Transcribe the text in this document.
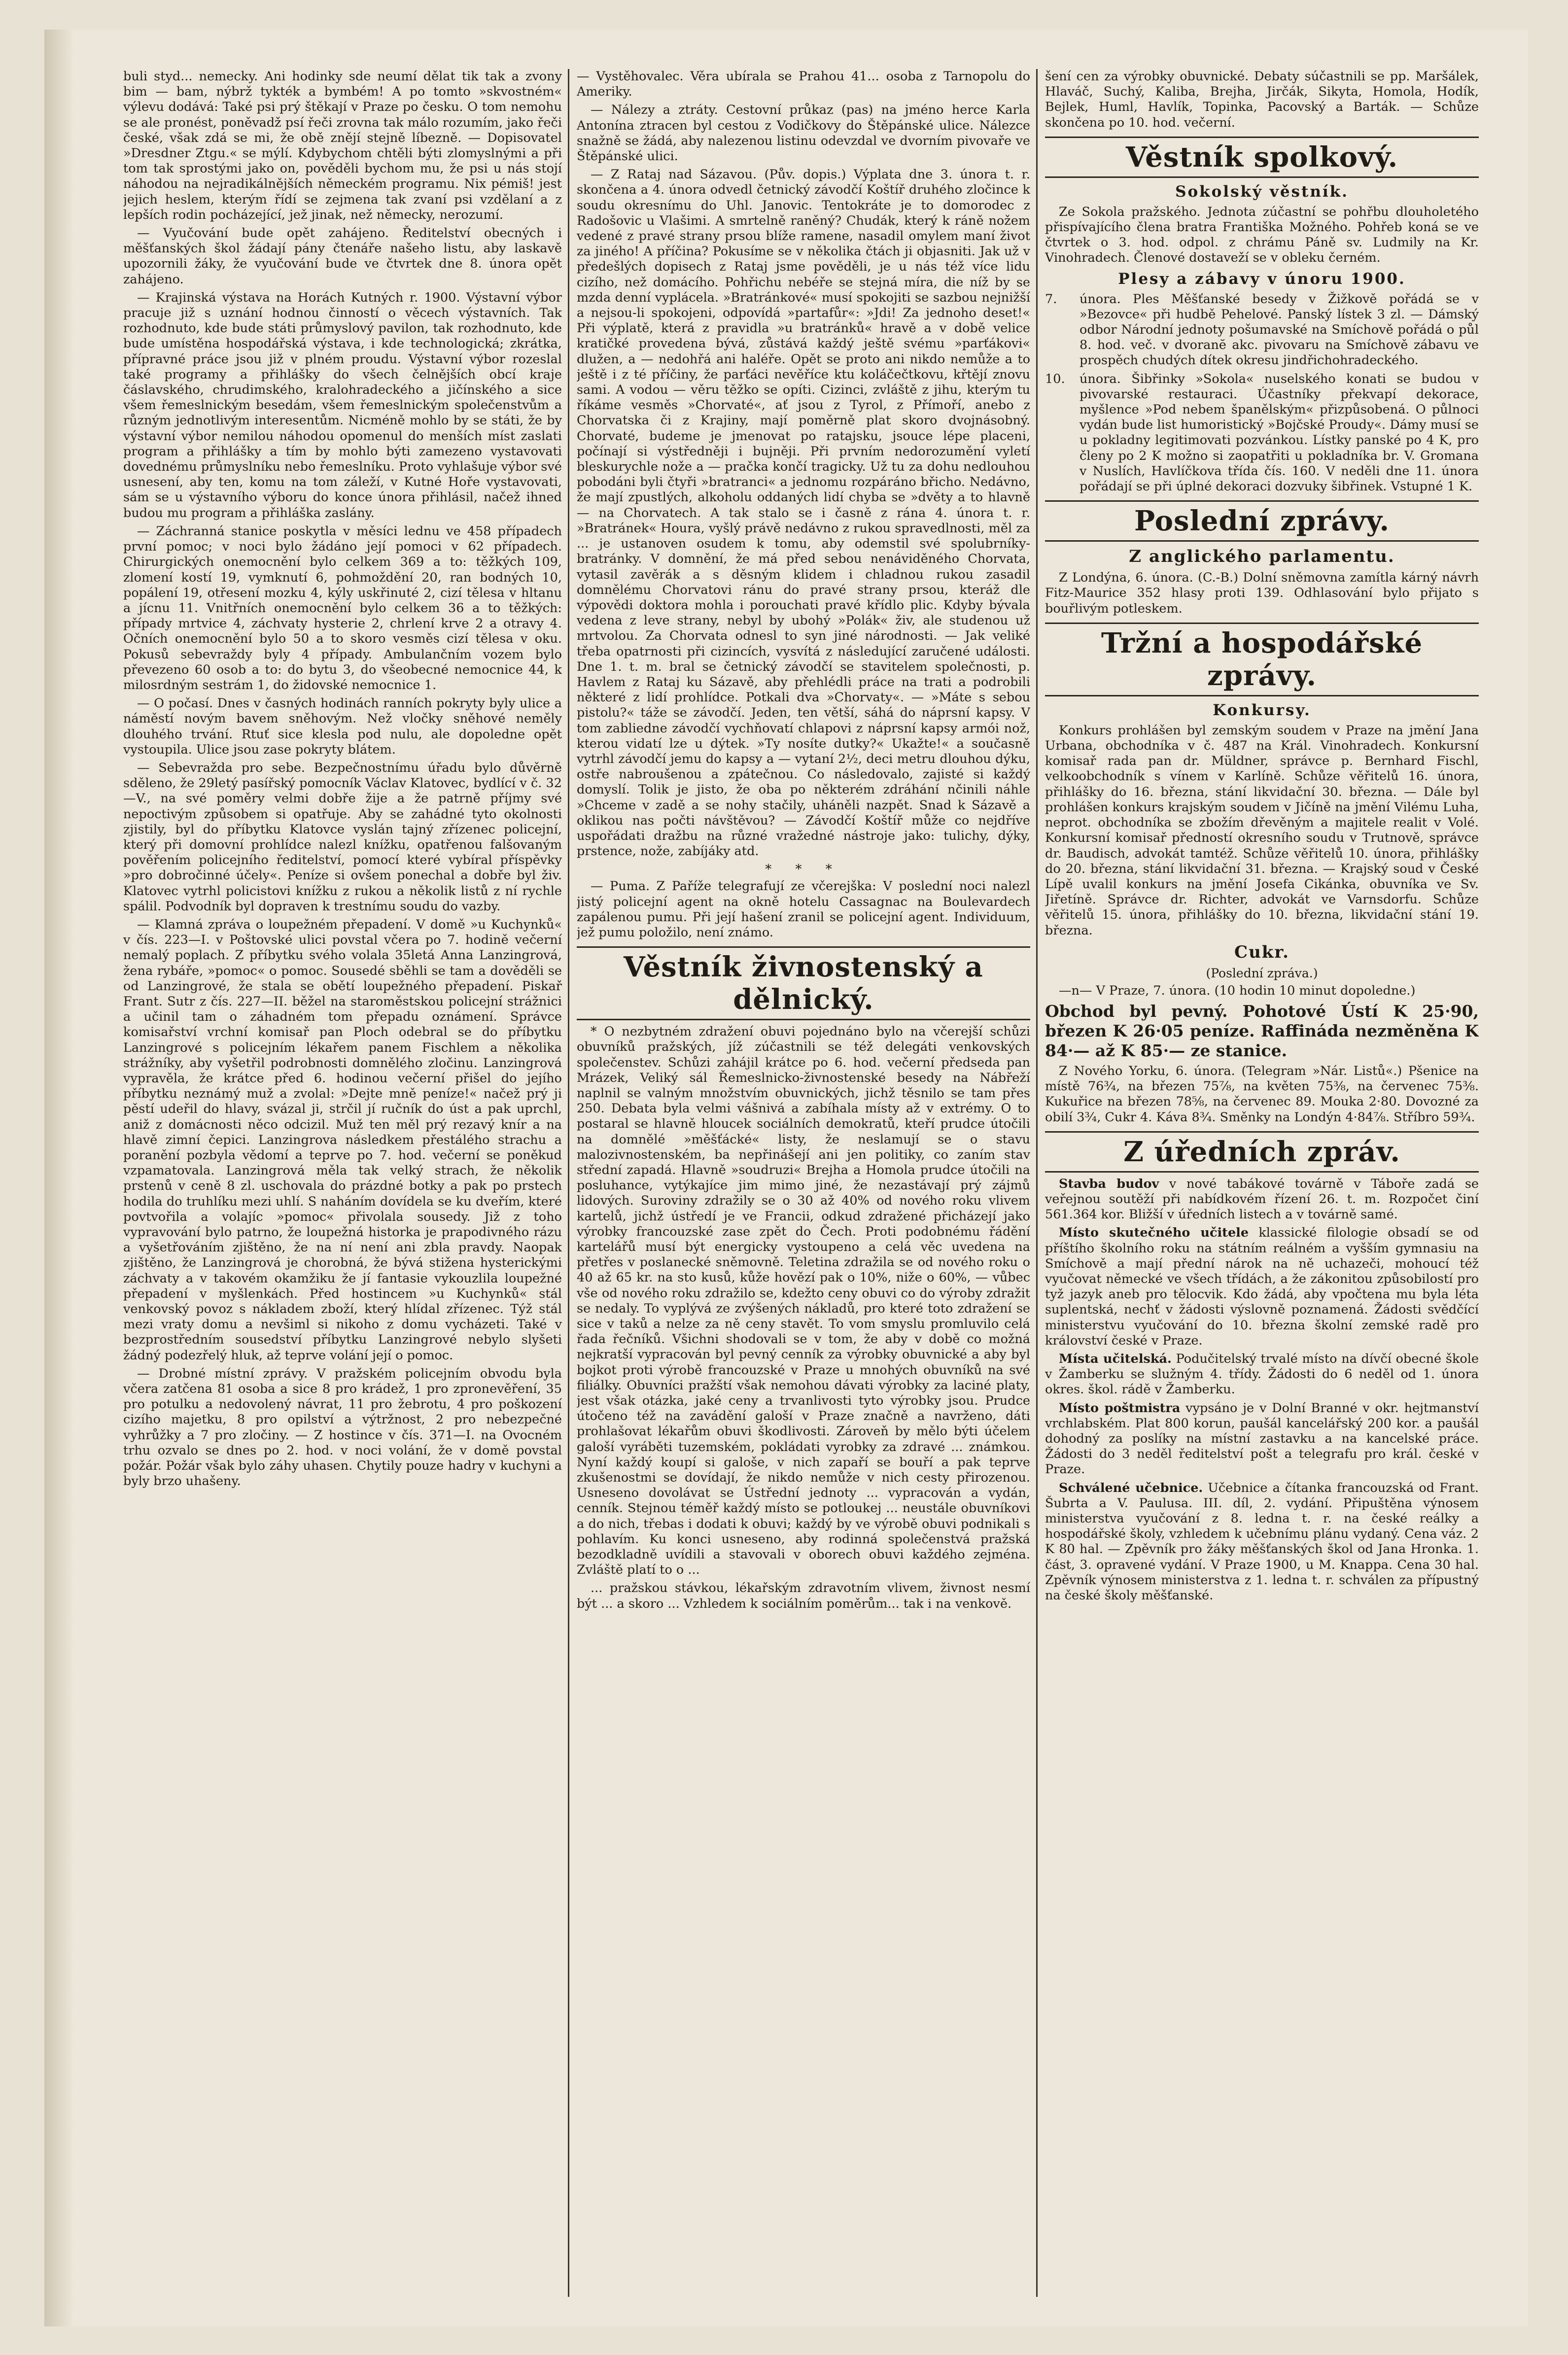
buli styd... nemecky. Ani hodinky sde neumí dělat tik tak a zvony bim — bam, nýbrž tykték a bymbém! A po tomto »skvostném« výlevu dodává: Také psi prý štěkají v Praze po česku. O tom nemohu se ale pronést, poněvadž psí řeči zrovna tak málo rozumím, jako řeči české, však zdá se mi, že obě znějí stejně líbezně. — Dopisovatel »Dresdner Ztgu.« se mýlí. Kdybychom chtěli býti zlomyslnými a při tom tak sprostými jako on, pověděli bychom mu, že psi u nás stojí náhodou na nejradikálnějších německém programu. Nix pémiš! jest jejich heslem, kterým řídí se zejmena tak zvaní psi vzdělaní a z lepších rodin pocházející, jež jinak, než německy, nerozumí.

— Vyučování bude opět zahájeno. Ředitelství obecných i měšťanských škol žádají pány čtenáře našeho listu, aby laskavě upozornili žáky, že vyučování bude ve čtvrtek dne 8. února opět zahájeno.

— Krajinská výstava na Horách Kutných r. 1900. Výstavní výbor pracuje již s uznání hodnou činností o věcech výstavních. Tak rozhodnuto, kde bude státi průmyslový pavilon, tak rozhodnuto, kde bude umístěna hospodářská výstava, i kde technologická; zkrátka, přípravné práce jsou již v plném proudu. Výstavní výbor rozeslal také programy a přihlášky do všech čelnějších obcí kraje čáslavského, chrudimského, kralohradeckého a jičínského a sice všem řemeslnickým besedám, všem řemeslnickým společenstvům a různým jednotlivým interesentům. Nicméně mohlo by se státi, že by výstavní výbor nemilou náhodou opomenul do menších míst zaslati program a přihlášky a tím by mohlo býti zamezeno vystavovati dovednému průmyslníku nebo řemeslníku. Proto vyhlašuje výbor své usnesení, aby ten, komu na tom záleží, v Kutné Hoře vystavovati, sám se u výstavního výboru do konce února přihlásil, načež ihned budou mu program a přihláška zaslány.

— Záchranná stanice poskytla v měsíci lednu ve 458 případech první pomoc; v noci bylo žádáno její pomoci v 62 případech. Chirurgických onemocnění bylo celkem 369 a to: těžkých 109, zlomení kostí 19, vymknutí 6, pohmoždění 20, ran bodných 10, popálení 19, otřesení mozku 4, kýly uskřinuté 2, cizí tělesa v hltanu a jícnu 11. Vnitřních onemocnění bylo celkem 36 a to těžkých: případy mrtvice 4, záchvaty hysterie 2, chrlení krve 2 a otravy 4. Očních onemocnění bylo 50 a to skoro vesměs cizí tělesa v oku. Pokusů sebevraždy byly 4 případy. Ambulančním vozem bylo převezeno 60 osob a to: do bytu 3, do všeobecné nemocnice 44, k milosrdným sestrám 1, do židovské nemocnice 1.

— O počasí. Dnes v časných hodinách ranních pokryty byly ulice a náměstí novým bavem sněhovým. Než vločky sněhové neměly dlouhého trvání. Rtuť sice klesla pod nulu, ale dopoledne opět vystoupila. Ulice jsou zase pokryty blátem.

— Sebevražda pro sebe. Bezpečnostnímu úřadu bylo důvěrně sděleno, že 29letý pasířský pomocník Václav Klatovec, bydlící v č. 32—V., na své poměry velmi dobře žije a že patrně příjmy své nepoctivým způsobem si opatřuje. Aby se zahádné tyto okolnosti zjistily, byl do příbytku Klatovce vyslán tajný zřízenec policejní, který při domovní prohlídce nalezl knížku, opatřenou falšovaným pověřením policejního ředitelství, pomocí které vybíral příspěvky »pro dobročinné účely«. Peníze si ovšem ponechal a dobře byl živ. Klatovec vytrhl policistovi knížku z rukou a několik listů z ní rychle spálil. Podvodník byl dopraven k trestnímu soudu do vazby.

— Klamná zpráva o loupežném přepadení. V domě »u Kuchynků« v čís. 223—I. v Poštovské ulici povstal včera po 7. hodině večerní nemalý poplach. Z příbytku svého volala 35letá Anna Lanzingrová, žena rybáře, »pomoc« o pomoc. Sousedé sběhli se tam a dověděli se od Lanzingrové, že stala se obětí loupežného přepadení. Piskař Frant. Sutr z čís. 227—II. běžel na staroměstskou policejní strážnici a učinil tam o záhadném tom přepadu oznámení. Správce komisařství vrchní komisař pan Ploch odebral se do příbytku Lanzingrové s policejním lékařem panem Fischlem a několika strážníky, aby vyšetřil podrobnosti domnělého zločinu. Lanzingrová vypravěla, že krátce před 6. hodinou večerní přišel do jejího příbytku neznámý muž a zvolal: »Dejte mně peníze!« načež prý ji pěstí udeřil do hlavy, svázal ji, strčil jí ručník do úst a pak uprchl, aniž z domácnosti něco odcizil. Muž ten měl prý rezavý knír a na hlavě zimní čepici. Lanzingrova následkem přestálého strachu a poranění pozbyla vědomí a teprve po 7. hod. večerní se poněkud vzpamatovala. Lanzingrová měla tak velký strach, že několik prstenů v ceně 8 zl. uschovala do prázdné botky a pak po prstech hodila do truhlíku mezi uhlí. S naháním dovídela se ku dveřím, které povtvořila a volajíc »pomoc« přivolala sousedy. Již z toho vypravování bylo patrno, že loupežná historka je prapodivného rázu a vyšetřováním zjištěno, že na ní není ani zbla pravdy. Naopak zjištěno, že Lanzingrová je chorobná, že bývá stižena hysterickými záchvaty a v takovém okamžiku že jí fantasie vykouzlila loupežné přepadení v myšlenkách. Před hostincem »u Kuchynků« stál venkovský povoz s nákladem zboží, který hlídal zřízenec. Týž stál mezi vraty domu a nevšiml si nikoho z domu vycházeti. Také v bezprostředním sousedství příbytku Lanzingrové nebylo slyšeti žádný podezřelý hluk, až teprve volání její o pomoc.

— Drobné místní zprávy. V pražském policejním obvodu byla včera zatčena 81 osoba a sice 8 pro krádež, 1 pro zpronevěření, 35 pro potulku a nedovolený návrat, 11 pro žebrotu, 4 pro poškození cizího majetku, 8 pro opilství a výtržnost, 2 pro nebezpečné vyhrůžky a 7 pro zločiny. — Z hostince v čís. 371—I. na Ovocném trhu ozvalo se dnes po 2. hod. v noci volání, že v domě povstal požár. Požár však bylo záhy uhasen. Chytily pouze hadry v kuchyni a byly brzo uhašeny.

— Vystěhovalec. Věra ubírala se Prahou 41... osoba z Tarnopolu do Ameriky.

— Nálezy a ztráty. Cestovní průkaz (pas) na jméno herce Karla Antonína ztracen byl cestou z Vodičkovy do Štěpánské ulice. Nálezce snažně se žádá, aby nalezenou listinu odevzdal ve dvorním pivovaře ve Štěpánské ulici.

— Z Rataj nad Sázavou. (Pův. dopis.) Výplata dne 3. února t. r. skončena a 4. února odvedl četnický závodčí Koštíř druhého zločince k soudu okresnímu do Uhl. Janovic. Tentokráte je to domorodec z Radošovic u Vlašimi. A smrtelně raněný? Chudák, který k ráně nožem vedené z pravé strany prsou blíže ramene, nasadil omylem maní život za jiného! A příčina? Pokusíme se v několika čtách ji objasniti. Jak už v předešlých dopisech z Rataj jsme pověděli, je u nás též více lidu cizího, než domácího. Pohřichu nebéře se stejná míra, die níž by se mzda denní vyplácela. »Bratránkové« musí spokojiti se sazbou nejnižší a nejsou-li spokojeni, odpovídá »partafůr«: »Jdi! Za jednoho deset!« Při výplatě, která z pravidla »u bratránků« hravě a v době velice kratičké provedena bývá, zůstává každý ještě svému »parťákovi« dlužen, a — nedohřá ani haléře. Opět se proto ani nikdo nemůže a to ještě i z té příčiny, že parťáci nevěříce ktu koláčečtkovu, křtějí znovu sami. A vodou — věru těžko se opíti. Cizinci, zvláště z jihu, kterým tu říkáme vesměs »Chorvaté«, ať jsou z Tyrol, z Přímoří, anebo z Chorvatska či z Krajiny, mají poměrně plat skoro dvojnásobný. Chorvaté, budeme je jmenovat po ratajsku, jsouce lépe placeni, počínají si výstředněji i bujněji. Při prvním nedorozumění vyletí bleskurychle nože a — pračka končí tragicky. Už tu za dohu nedlouhou pobodáni byli čtyři »bratranci« a jednomu rozpáráno břicho. Nedávno, že mají zpustlých, alkoholu oddaných lidí chyba se »dvěty a to hlavně — na Chorvatech. A tak stalo se i časně z rána 4. února t. r. »Bratránek« Houra, vyšlý právě nedávno z rukou spravedlnosti, měl za ... je ustanoven osudem k tomu, aby odemstil své spolubrníky-bratránky. V domnění, že má před sebou nenáviděného Chorvata, vytasil zavěrák a s děsným klidem i chladnou rukou zasadil domnělému Chorvatovi ránu do pravé strany prsou, kteráž dle výpovědi doktora mohla i porouchati pravé křídlo plic. Kdyby bývala vedena z leve strany, nebyl by ubohý »Polák« živ, ale studenou už mrtvolou. Za Chorvata odnesl to syn jiné národnosti. — Jak veliké třeba opatrnosti při cizincích, vysvítá z následující zaručené události. Dne 1. t. m. bral se četnický závodčí se stavitelem společnosti, p. Havlem z Rataj ku Sázavě, aby přehlédli práce na trati a podrobili některé z lidí prohlídce. Potkali dva »Chorvaty«. — »Máte s sebou pistolu?« táže se závodčí. Jeden, ten větší, sáhá do náprsní kapsy. V tom zabliedne závodčí vychňovatí chlapovi z náprsní kapsy armói nož, kterou vidatí lze u dýtek. »Ty nosíte dutky?« Ukažte!« a současně vytrhl závodčí jemu do kapsy a — vytaní 2½, deci metru dlouhou dýku, ostře nabroušenou a zpátečnou. Co následovalo, zajisté si každý domyslí. Tolik je jisto, že oba po některém zdráhání nčinili náhle »Chceme v zadě a se nohy stačily, uháněli nazpět. Snad k Sázavě a oklikou nas počti návštěvou? — Závodčí Koštíř může co nejdříve uspořádati dražbu na různé vražedné nástroje jako: tulichy, dýky, prstence, nože, zabíjáky atd.

* * *

— Puma. Z Paříže telegrafují ze včerejška: V poslední noci nalezl jistý policejní agent na okně hotelu Cassagnac na Boulevardech zapálenou pumu. Při její hašení zranil se policejní agent. Individuum, jež pumu položilo, není známo.

Věstník živnostenský a dělnický.

* O nezbytném zdražení obuvi pojednáno bylo na včerejší schůzi obuvníků pražských, jíž zúčastnili se též delegáti venkovských společenstev. Schůzi zahájil krátce po 6. hod. večerní předseda pan Mrázek, Veliký sál Řemeslnicko-živnostenské besedy na Nábřeží naplnil se valným množstvím obuvnických, jichž těsnilo se tam přes 250. Debata byla velmi vášnivá a zabíhala místy až v extrémy. O to postaral se hlavně hloucek sociálních demokratů, kteří prudce útočili na domnělé »měšťácké« listy, že neslamují se o stavu malozivnostenském, ba nepřinášejí ani jen politiky, co zaním stav střední zapadá. Hlavně »soudruzi« Brejha a Homola prudce útočili na posluhance, vytýkajíce jim mimo jiné, že nezastávají prý zájmů lidových. Suroviny zdražily se o 30 až 40% od nového roku vlivem kartelů, jichž ústředí je ve Francii, odkud zdražené přicházejí jako výrobky francouzské zase zpět do Čech. Proti podobnému řádění kartelářů musí být energicky vystoupeno a celá věc uvedena na přetřes v poslanecké sněmovně. Teletina zdražila se od nového roku o 40 až 65 kr. na sto kusů, kůže hovězí pak o 10%, niže o 60%, — vůbec vše od nového roku zdražilo se, kdežto ceny obuvi co do výroby zdražit se nedaly. To vyplývá ze zvýšených nákladů, pro které toto zdražení se sice v taků a nelze za ně ceny stavět. To vom smyslu promluvilo celá řada řečníků. Všichni shodovali se v tom, že aby v době co možná nejkratší vypracován byl pevný cenník za výrobky obuvnické a aby byl bojkot proti výrobě francouzské v Praze u mnohých obuvníků na své filiálky. Obuvníci pražští však nemohou dávati výrobky za laciné platy, jest však otázka, jaké ceny a trvanlivosti tyto výrobky jsou. Prudce útočeno též na zavádění galoší v Praze značně a navrženo, dáti prohlašovat lékařům obuvi škodlivosti. Zároveň by mělo býti účelem galoší vyráběti tuzemském, pokládati vyrobky za zdravé ... známkou. Nyní každý koupí si galoše, v nich zapaří se bouří a pak teprve zkušenostmi se dovídají, že nikdo nemůže v nich cesty přirozenou. Usneseno dovolávat se Ústřední jednoty ... vypracován a vydán, cenník. Stejnou téměř každý místo se potloukej ... neustále obuvníkovi a do nich, třebas i dodati k obuvi; každý by ve výrobě obuvi podnikali s pohlavím. Ku konci usneseno, aby rodinná společenstvá pražská bezodkladně uvídili a stavovali v oborech obuvi každého zejména. Zvláště platí to o ...

... pražskou stávkou, lékařským zdravotním vlivem, živnost nesmí být ... a skoro ... Vzhledem k sociálním poměrům... tak i na venkově.

šení cen za výrobky obuvnické. Debaty súčastnili se pp. Maršálek, Hlaváč, Suchý, Kaliba, Brejha, Jirčák, Sikyta, Homola, Hodík, Bejlek, Huml, Havlík, Topinka, Pacovský a Barták. — Schůze skončena po 10. hod. večerní.

Věstník spolkový.
Sokolský věstník.

Ze Sokola pražského. Jednota zúčastní se pohřbu dlouholetého přispívajícího člena bratra Františka Možného. Pohřeb koná se ve čtvrtek o 3. hod. odpol. z chrámu Páně sv. Ludmily na Kr. Vinohradech. Členové dostaveží se v obleku černém.

Plesy a zábavy v únoru 1900.
7.	února. Ples Měšťanské besedy v Žižkově pořádá se v »Bezovce« při hudbě Pehelové. Panský lístek 3 zl. — Dámský odbor Národní jednoty pošumavské na Smíchově pořádá o půl 8. hod. več. v dvoranĕ akc. pivovaru na Smíchově zábavu ve prospěch chudých dítek okresu jindřichohradeckého.
10.	února. Šibřinky »Sokola« nuselského konati se budou v pivovarské restauraci. Účastníky překvapí dekorace, myšlence »Pod nebem španělským« přizpůsobená. O půlnoci vydán bude list humoristický »Bojčské Proudy«. Dámy musí se u pokladny legitimovati pozvánkou. Lístky panské po 4 K, pro členy po 2 K možno si zaopatřiti u pokladníka br. V. Gromana v Nuslích, Havlíčkova třída čís. 160. V neděli dne 11. února pořádají se při úplné dekoraci dozvuky šibřinek. Vstupné 1 K.
Poslední zprávy.
Z anglického parlamentu.

Z Londýna, 6. února. (C.-B.) Dolní sněmovna zamítla kárný návrh Fitz-Maurice 352 hlasy proti 139. Odhlasování bylo přijato s bouřlivým potleskem.

Tržní a hospodářské zprávy.
Konkursy.

Konkurs prohlášen byl zemským soudem v Praze na jmění Jana Urbana, obchodníka v č. 487 na Král. Vinohradech. Konkursní komisař rada pan dr. Müldner, správce p. Bernhard Fischl, velkoobchodník s vínem v Karlíně. Schůze věřitelů 16. února, přihlášky do 16. března, stání likvidační 30. března. — Dále byl prohlášen konkurs krajským soudem v Jičíně na jmění Vilému Luha, neprot. obchodníka se zbožím dřevěným a majitele realit v Volé. Konkursní komisař předností okresního soudu v Trutnově, správce dr. Baudisch, advokát tamtéž. Schůze věřitelů 10. února, přihlášky do 20. března, stání likvidační 31. března. — Krajský soud v České Lípě uvalil konkurs na jmění Josefa Cikánka, obuvníka ve Sv. Jiřetíně. Správce dr. Richter, advokát ve Varnsdorfu. Schůze věřitelů 15. února, přihlášky do 10. března, likvidační stání 19. března.

Cukr.
(Poslední zpráva.)

—n— V Praze, 7. února. (10 hodin 10 minut dopoledne.)

Obchod byl pevný. Pohotové Ústí K 25·90, březen K 26·05 peníze. Raffináda nezměněna K 84·— až K 85·— ze stanice.

Z Nového Yorku, 6. února. (Telegram »Nár. Listů«.) Pšenice na místě 76¾, na březen 75⅞, na květen 75⅜, na červenec 75⅜. Kukuřice na březen 78⅝, na červenec 89. Mouka 2·80. Dovozné za obilí 3¾, Cukr 4. Káva 8¾. Směnky na Londýn 4·84⅞. Stříbro 59¾.

Z úředních zpráv.

Stavba budov v nové tabákové továrně v Táboře zadá se veřejnou soutěží při nabídkovém řízení 26. t. m. Rozpočet činí 561.364 kor. Bližší v úředních listech a v továrně samé.

Místo skutečného učitele klassické filologie obsadí se od příštího školního roku na státním reálném a vyšším gymnasiu na Smíchově a mají přední nárok na ně uchazeči, mohoucí též vyučovat německé ve všech třídách, a že zákonitou způsobilostí pro tyž jazyk aneb pro tělocvik. Kdo žádá, aby vpočtena mu byla léta suplentská, nechť v žádosti výslovně poznamená. Žádosti svědčící ministerstvu vyučování do 10. března školní zemské radě pro království české v Praze.

Místa učitelská. Podučitelský trvalé místo na dívčí obecné škole v Žamberku se služným 4. třídy. Žádosti do 6 neděl od 1. února okres. škol. rádě v Žamberku.

Místo poštmistra vypsáno je v Dolní Branné v okr. hejtmanství vrchlabském. Plat 800 korun, paušál kancelářský 200 kor. a paušál dohodný za poslíky na místní zastavku a na kancelské práce. Žádosti do 3 neděl ředitelství pošt a telegrafu pro král. české v Praze.

Schválené učebnice. Učebnice a čítanka francouzská od Frant. Šubrta a V. Paulusa. III. díl, 2. vydání. Připuštěna výnosem ministerstva vyučování z 8. ledna t. r. na české reálky a hospodářské školy, vzhledem k učebnímu plánu vydaný. Cena váz. 2 K 80 hal. — Zpěvník pro žáky měšťanských škol od Jana Hronka. 1. část, 3. opravené vydání. V Praze 1900, u M. Knappa. Cena 30 hal. Zpěvník výnosem ministerstva z 1. ledna t. r. schválen za přípustný na české školy měšťanské.
